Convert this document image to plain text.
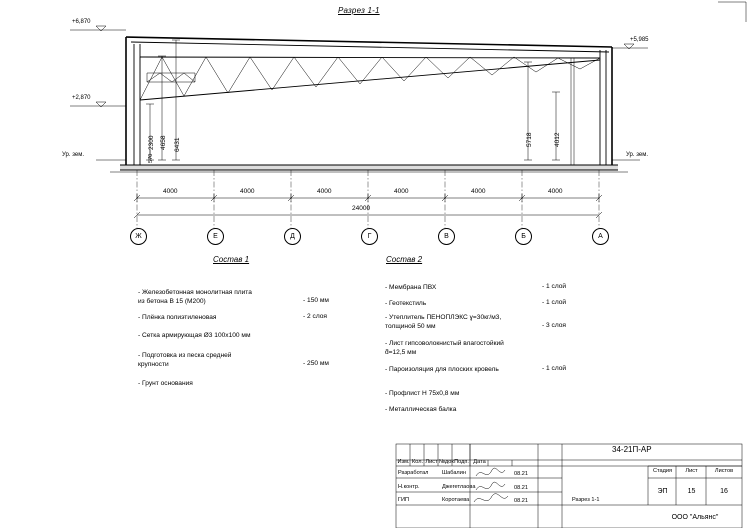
Разрез 1-1
+6,870
+5,985
+2,870
Ур. зем.	Ур. зем.
2300
570
4658 6431	5718	4012
4000	4000	4000	4000	4000	4000
24000
Ж	Е	Д	Г	В	Б	А
Состав 1
- Железобетонная монолитная плита
из бетона В 15 (М200)	- 150 мм
- Плёнка полиэтиленовая	- 2 слоя
- Сетка армирующая Ø3 100х100 мм
- Подготовка из песка средней
крупности	- 250 мм
- Грунт основания
Состав 2
- Мембрана ПВХ	- 1 слой
- Геотекстиль	- 1 слой
- Утеплитель ПЕНОПЛЭКС ɣ=30кг/м3,
толщиной 50 мм	- 3 слоя
- Лист гипсоволокнистый влагостойкий
ƌ=12,5 мм
- Пароизоляция для плоских кровель	- 1 слой
- Профлист Н 75х0,8 мм
- Металлическая балка
34-21П-АР
Изм. Кол. Лист №док Подп. Дата
Разработал Шабалин	08.21
Н.контр.	Джегетлаова	08.21
ГИП	Коротаева	08.21	Разрез 1-1
Стадия	Лист	Листов
ЭП	15	16
ООО "Альянс"
